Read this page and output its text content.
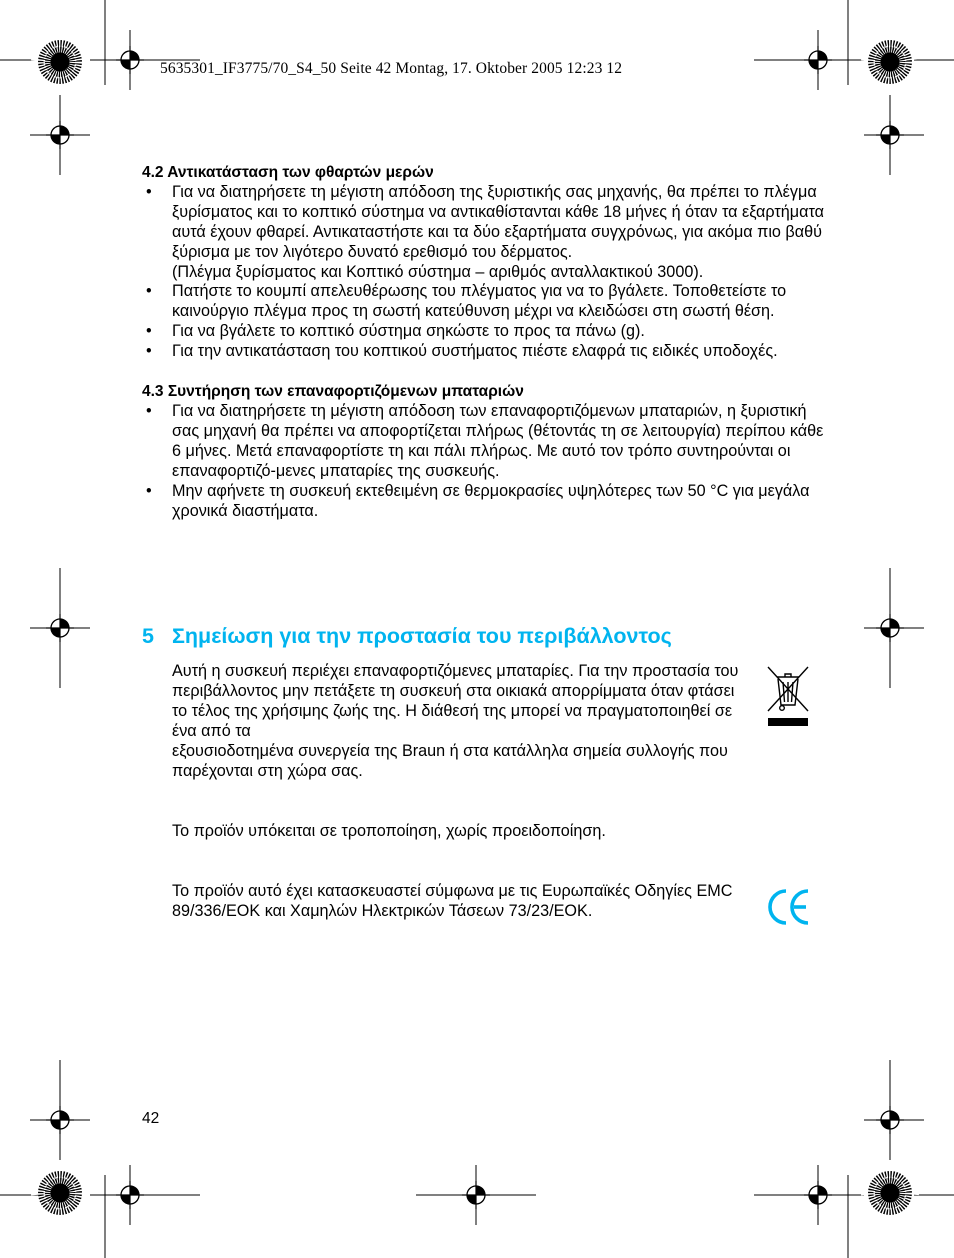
5635301_IF3775/70_S4_50 Seite 42 Montag, 17. Oktober 2005 12:23 12

4.2 Αντικατάσταση των φθαρτών μερών

• Για να διατηρήσετε τη μέγιστη απόδοση της ξυριστικής σας μηχανής, θα πρέπει το πλέγμα ξυρίσματος και το κοπτικό σύστημα να αντικαθίστανται κάθε 18 μήνες ή όταν τα εξαρτήματα αυτά έχουν φθαρεί. Αντικαταστήστε και τα δύο εξαρτήματα συγχρόνως, για ακόμα πιο βαθύ ξύρισμα με τον λιγότερο δυνατό ερεθισμό του δέρματος.
(Πλέγμα ξυρίσματος και Κοπτικό σύστημα – αριθμός ανταλλακτικού 3000).
• Πατήστε το κουμπί απελευθέρωσης του πλέγματος για να το βγάλετε. Τοποθετείστε το καινούργιο πλέγμα προς τη σωστή κατεύθυνση μέχρι να κλειδώσει στη σωστή θέση.
• Για να βγάλετε το κοπτικό σύστημα σηκώστε το προς τα πάνω (g).
• Για την αντικατάσταση του κοπτικού συστήματος πιέστε ελαφρά τις ειδικές υποδοχές.

4.3 Συντήρηση των επαναφορτιζόμενων μπαταριών

• Για να διατηρήσετε τη μέγιστη απόδοση των επαναφορτιζόμενων μπαταριών, η ξυριστική σας μηχανή θα πρέπει να αποφορτίζεται πλήρως (θέτοντάς τη σε λειτουργία) περίπου κάθε 6 μήνες. Μετά επαναφορτίστε τη και πάλι πλήρως. Με αυτό τον τρόπο συντηρούνται οι επαναφορτιζό-μενες μπαταρίες της συσκευής.
• Μην αφήνετε τη συσκευή εκτεθειμένη σε θερμοκρασίες υψηλότερες των 50 °C για μεγάλα χρονικά διαστήματα.
5 Σημείωση για την προστασία του περιβάλλοντος
Αυτή η συσκευή περιέχει επαναφορτιζόμενες μπαταρίες. Για την προστασία του περιβάλλοντος μην πετάξετε τη συσκευή στα οικιακά απορρίμματα όταν φτάσει το τέλος της χρήσιμης ζωής της. Η διάθεσή της μπορεί να πραγματοποιηθεί σε ένα από τα
εξουσιοδοτημένα συνεργεία της Braun ή στα κατάλληλα σημεία συλλογής που παρέχονται στη χώρα σας.
Το προϊόν υπόκειται σε τροποποίηση, χωρίς προειδοποίηση.
Το προϊόν αυτό έχει κατασκευαστεί σύμφωνα με τις Ευρωπαϊκές Οδηγίες EMC 89/336/EOK και Χαμηλών Ηλεκτρικών Τάσεων 73/23/EOK.
42
